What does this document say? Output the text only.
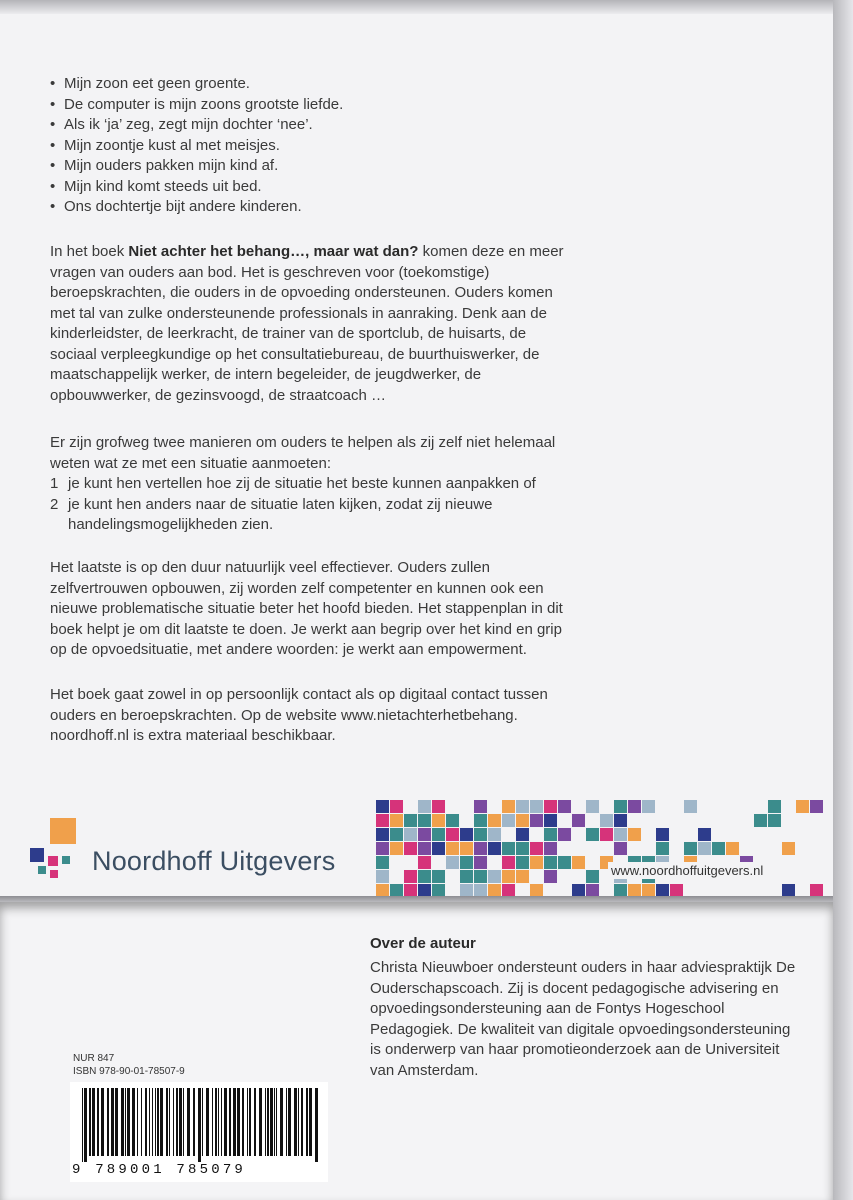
• Mijn zoon eet geen groente.
• De computer is mijn zoons grootste liefde.
• Als ik ‘ja’ zeg, zegt mijn dochter ‘nee’.
• Mijn zoontje kust al met meisjes.
• Mijn ouders pakken mijn kind af.
• Mijn kind komt steeds uit bed.
• Ons dochtertje bijt andere kinderen.

In het boek Niet achter het behang…, maar wat dan? komen deze en meer vragen van ouders aan bod. Het is geschreven voor (toekomstige) beroepskrachten, die ouders in de opvoeding ondersteunen. Ouders komen met tal van zulke ondersteunende professionals in aanraking. Denk aan de kinderleidster, de leerkracht, de trainer van de sportclub, de huisarts, de sociaal verpleegkundige op het consultatiebureau, de buurthuiswerker, de maatschappelijk werker, de intern begeleider, de jeugdwerker, de opbouwwerker, de gezinsvoogd, de straatcoach …

Er zijn grofweg twee manieren om ouders te helpen als zij zelf niet helemaal weten wat ze met een situatie aanmoeten:

1 je kunt hen vertellen hoe zij de situatie het beste kunnen aanpakken of
2 je kunt hen anders naar de situatie laten kijken, zodat zij nieuwe handelingsmogelijkheden zien.

Het laatste is op den duur natuurlijk veel effectiever. Ouders zullen zelfvertrouwen opbouwen, zij worden zelf competenter en kunnen ook een nieuwe problematische situatie beter het hoofd bieden. Het stappenplan in dit boek helpt je om dit laatste te doen. Je werkt aan begrip over het kind en grip op de opvoedsituatie, met andere woorden: je werkt aan empowerment.

Het boek gaat zowel in op persoonlijk contact als op digitaal contact tussen ouders en beroepskrachten. Op de website www.nietachterhetbehang. noordhoff.nl is extra materiaal beschikbaar.

Noordhoff Uitgevers	www.noordhoffuitgevers.nl
Over de auteur
Christa Nieuwboer ondersteunt ouders in haar adviespraktijk De Ouderschapscoach. Zij is docent pedagogische advisering en opvoedingsondersteuning aan de Fontys Hogeschool Pedagogiek. De kwaliteit van digitale opvoedingsondersteuning is onderwerp van haar promotieonderzoek aan de Universiteit van Amsterdam.
NUR 847
ISBN 978-90-01-78507-9
9 789001 785079
